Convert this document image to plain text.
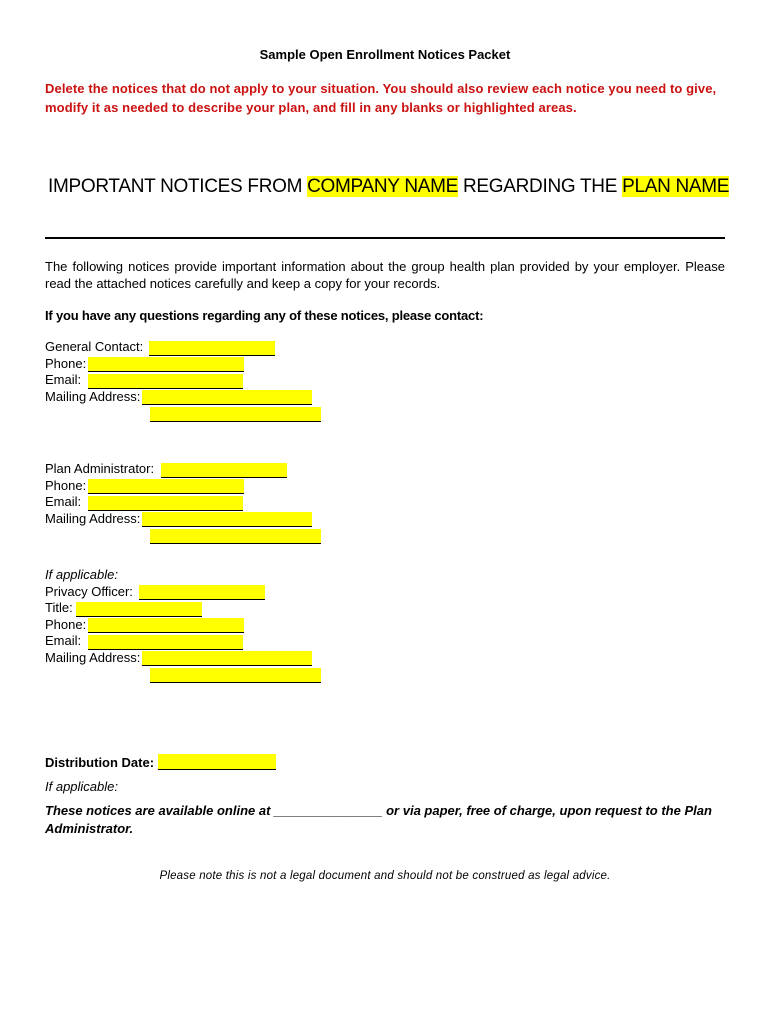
Sample Open Enrollment Notices Packet
Delete the notices that do not apply to your situation. You should also review each notice you need to give, modify it as needed to describe your plan, and fill in any blanks or highlighted areas.
IMPORTANT NOTICES FROM COMPANY NAME REGARDING THE PLAN NAME
The following notices provide important information about the group health plan provided by your employer. Please read the attached notices carefully and keep a copy for your records.
If you have any questions regarding any of these notices, please contact:
General Contact:
Phone:
Email:
Mailing Address:
Plan Administrator:
Phone:
Email:
Mailing Address:
If applicable:
Privacy Officer:
Title:
Phone:
Email:
Mailing Address:
Distribution Date:
If applicable:
These notices are available online at _______________ or via paper, free of charge, upon request to the Plan Administrator.
Please note this is not a legal document and should not be construed as legal advice.
